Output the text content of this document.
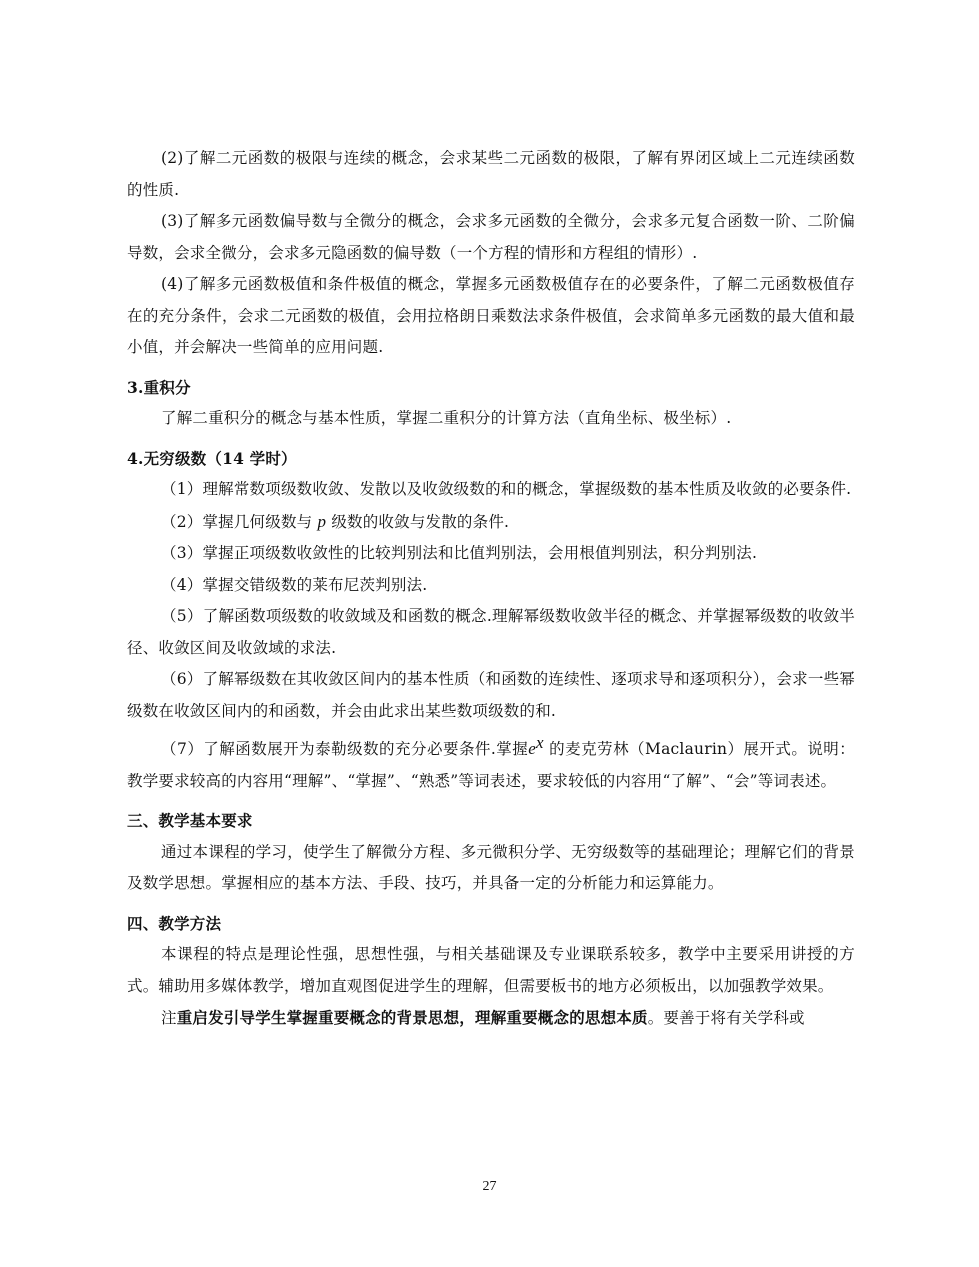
(2)了解二元函数的极限与连续的概念，会求某些二元函数的极限，了解有界闭区域上二元连续函数的性质.

(3)了解多元函数偏导数与全微分的概念，会求多元函数的全微分，会求多元复合函数一阶、二阶偏导数，会求全微分，会求多元隐函数的偏导数（一个方程的情形和方程组的情形）.

(4)了解多元函数极值和条件极值的概念，掌握多元函数极值存在的必要条件，了解二元函数极值存在的充分条件，会求二元函数的极值，会用拉格朗日乘数法求条件极值，会求简单多元函数的最大值和最小值，并会解决一些简单的应用问题.

3.重积分

了解二重积分的概念与基本性质，掌握二重积分的计算方法（直角坐标、极坐标）.

4.无穷级数（14 学时）

（1）理解常数项级数收敛、发散以及收敛级数的和的概念，掌握级数的基本性质及收敛的必要条件.

（2）掌握几何级数与 p 级数的收敛与发散的条件.

（3）掌握正项级数收敛性的比较判别法和比值判别法，会用根值判别法，积分判别法.

（4）掌握交错级数的莱布尼茨判别法.

（5）了解函数项级数的收敛域及和函数的概念.理解幂级数收敛半径的概念、并掌握幂级数的收敛半径、收敛区间及收敛域的求法.

（6）了解幂级数在其收敛区间内的基本性质（和函数的连续性、逐项求导和逐项积分），会求一些幂级数在收敛区间内的和函数，并会由此求出某些数项级数的和.

（7）了解函数展开为泰勒级数的充分必要条件.掌握$e^x$ 的麦克劳林（Maclaurin）展开式。说明：教学要求较高的内容用“理解”、“掌握”、“熟悉”等词表述，要求较低的内容用“了解”、“会”等词表述。

三、教学基本要求

通过本课程的学习，使学生了解微分方程、多元微积分学、无穷级数等的基础理论；理解它们的背景及数学思想。掌握相应的基本方法、手段、技巧，并具备一定的分析能力和运算能力。

四、教学方法

本课程的特点是理论性强，思想性强，与相关基础课及专业课联系较多，教学中主要采用讲授的方式。辅助用多媒体教学，增加直观图促进学生的理解，但需要板书的地方必须板出，以加强教学效果。

注重启发引导学生掌握重要概念的背景思想，理解重要概念的思想本质。要善于将有关学科或

27
